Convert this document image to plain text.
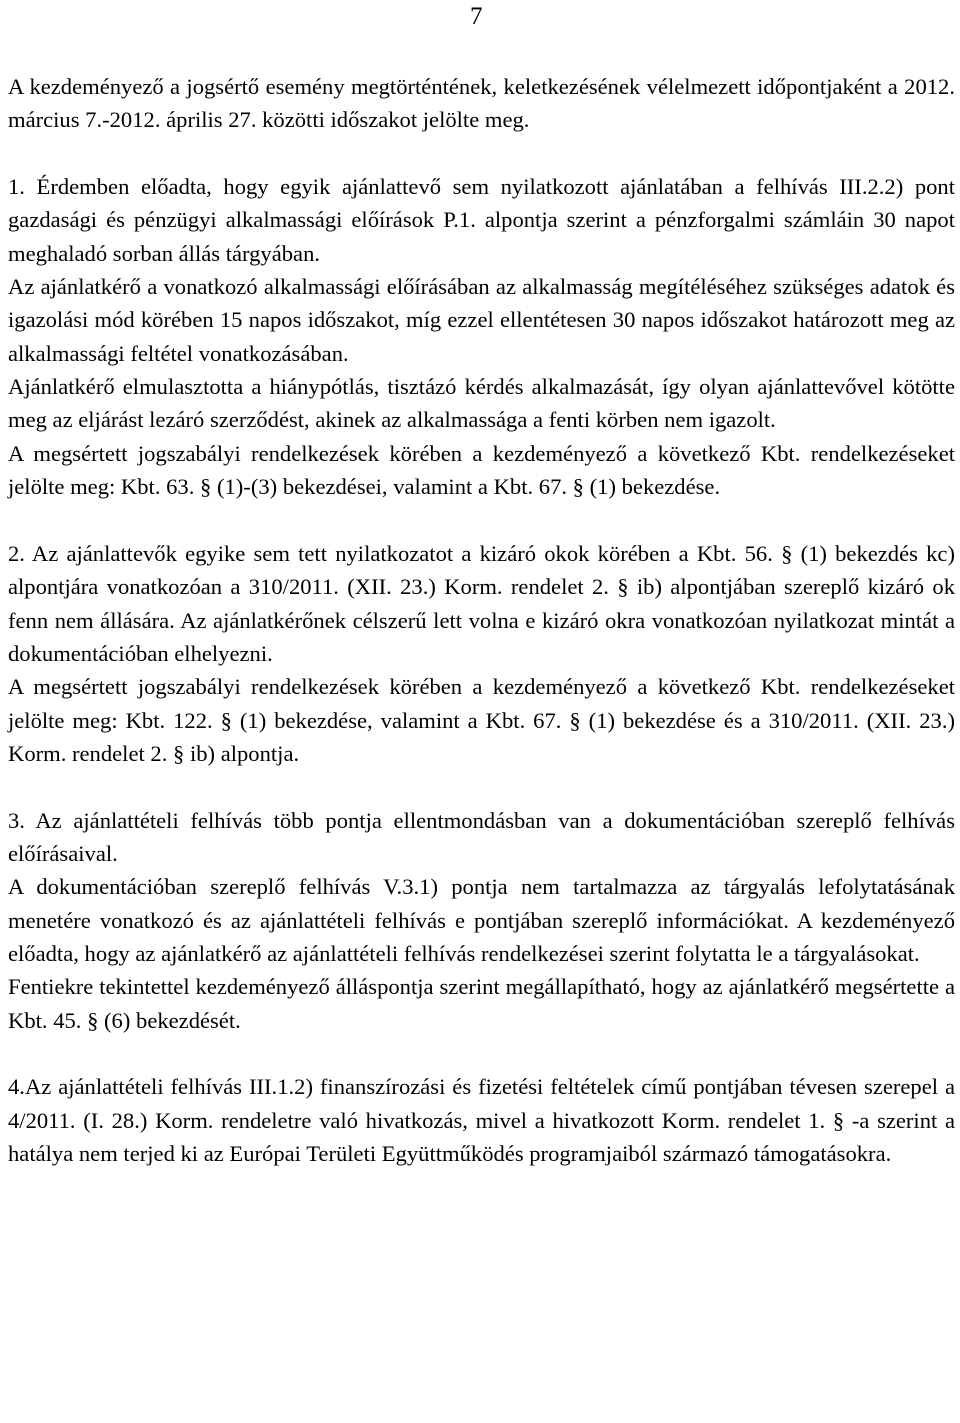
7

A kezdeményező a jogsértő esemény megtörténtének, keletkezésének vélelmezett időpontjaként a 2012. március 7.-2012. április 27. közötti időszakot jelölte meg.

1. Érdemben előadta, hogy egyik ajánlattevő sem nyilatkozott ajánlatában a felhívás III.2.2) pont gazdasági és pénzügyi alkalmassági előírások P.1. alpontja szerint a pénzforgalmi számláin 30 napot meghaladó sorban állás tárgyában.

Az ajánlatkérő a vonatkozó alkalmassági előírásában az alkalmasság megítéléséhez szükséges adatok és igazolási mód körében 15 napos időszakot, míg ezzel ellentétesen 30 napos időszakot határozott meg az alkalmassági feltétel vonatkozásában.

Ajánlatkérő elmulasztotta a hiánypótlás, tisztázó kérdés alkalmazását, így olyan ajánlattevővel kötötte meg az eljárást lezáró szerződést, akinek az alkalmassága a fenti körben nem igazolt.

A megsértett jogszabályi rendelkezések körében a kezdeményező a következő Kbt. rendelkezéseket jelölte meg: Kbt. 63. § (1)-(3) bekezdései, valamint a Kbt. 67. § (1) bekezdése.

2. Az ajánlattevők egyike sem tett nyilatkozatot a kizáró okok körében a Kbt. 56. § (1) bekezdés kc) alpontjára vonatkozóan a 310/2011. (XII. 23.) Korm. rendelet 2. § ib) alpontjában szereplő kizáró ok fenn nem állására. Az ajánlatkérőnek célszerű lett volna e kizáró okra vonatkozóan nyilatkozat mintát a dokumentációban elhelyezni.

A megsértett jogszabályi rendelkezések körében a kezdeményező a következő Kbt. rendelkezéseket jelölte meg: Kbt. 122. § (1) bekezdése, valamint a Kbt. 67. § (1) bekezdése és a 310/2011. (XII. 23.) Korm. rendelet 2. § ib) alpontja.

3. Az ajánlattételi felhívás több pontja ellentmondásban van a dokumentációban szereplő felhívás előírásaival.

A dokumentációban szereplő felhívás V.3.1) pontja nem tartalmazza az tárgyalás lefolytatásának menetére vonatkozó és az ajánlattételi felhívás e pontjában szereplő információkat. A kezdeményező előadta, hogy az ajánlatkérő az ajánlattételi felhívás rendelkezései szerint folytatta le a tárgyalásokat.

Fentiekre tekintettel kezdeményező álláspontja szerint megállapítható, hogy az ajánlatkérő megsértette a Kbt. 45. § (6) bekezdését.

4.Az ajánlattételi felhívás III.1.2) finanszírozási és fizetési feltételek című pontjában tévesen szerepel a 4/2011. (I. 28.) Korm. rendeletre való hivatkozás, mivel a hivatkozott Korm. rendelet 1. § -a szerint a hatálya nem terjed ki az Európai Területi Együttműködés programjaiból származó támogatásokra.
